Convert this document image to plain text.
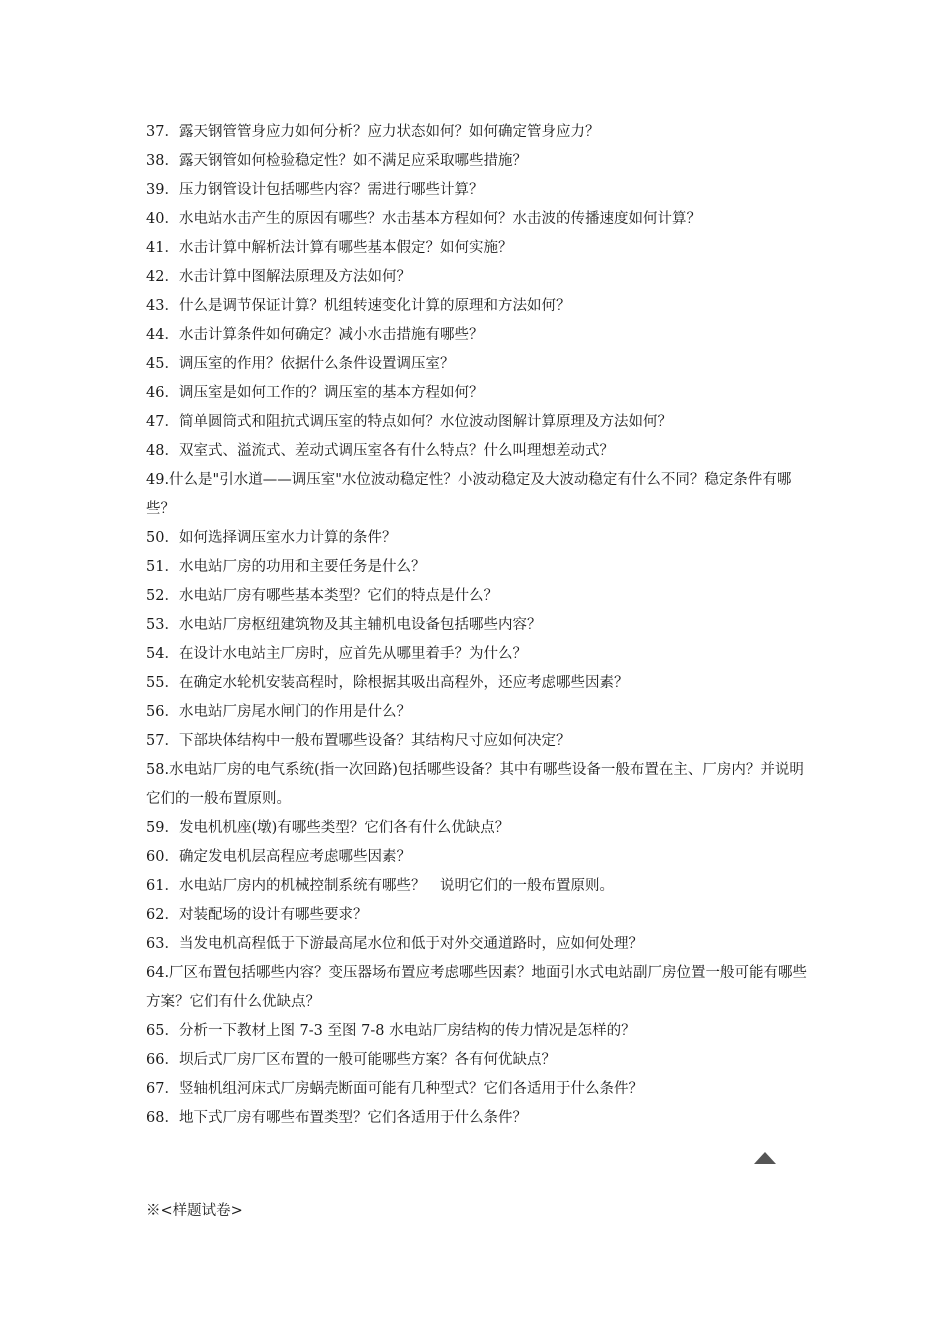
37．露天钢管管身应力如何分析？应力状态如何？如何确定管身应力？
38．露天钢管如何检验稳定性？如不满足应采取哪些措施？
39．压力钢管设计包括哪些内容？需进行哪些计算？
40．水电站水击产生的原因有哪些？水击基本方程如何？水击波的传播速度如何计算？
41．水击计算中解析法计算有哪些基本假定？如何实施？
42．水击计算中图解法原理及方法如何？
43．什么是调节保证计算？机组转速变化计算的原理和方法如何？
44．水击计算条件如何确定？减小水击措施有哪些？
45．调压室的作用？依据什么条件设置调压室？
46．调压室是如何工作的？调压室的基本方程如何？
47．简单圆筒式和阻抗式调压室的特点如何？水位波动图解计算原理及方法如何？
48．双室式、溢流式、差动式调压室各有什么特点？什么叫理想差动式？
49.什么是"引水道——调压室"水位波动稳定性？小波动稳定及大波动稳定有什么不同？稳定条件有哪些？
50．如何选择调压室水力计算的条件？
51．水电站厂房的功用和主要任务是什么？
52．水电站厂房有哪些基本类型？它们的特点是什么？
53．水电站厂房枢纽建筑物及其主辅机电设备包括哪些内容？
54．在设计水电站主厂房时，应首先从哪里着手？为什么？
55．在确定水轮机安装高程时，除根据其吸出高程外，还应考虑哪些因素？
56．水电站厂房尾水闸门的作用是什么？
57．下部块体结构中一般布置哪些设备？其结构尺寸应如何决定？
58.水电站厂房的电气系统(指一次回路)包括哪些设备？其中有哪些设备一般布置在主、厂房内？并说明它们的一般布置原则。
59．发电机机座(墩)有哪些类型？它们各有什么优缺点？
60．确定发电机层高程应考虑哪些因素？
61．水电站厂房内的机械控制系统有哪些？　说明它们的一般布置原则。
62．对装配场的设计有哪些要求？
63．当发电机高程低于下游最高尾水位和低于对外交通道路时，应如何处理？
64.厂区布置包括哪些内容？变压器场布置应考虑哪些因素？地面引水式电站副厂房位置一般可能有哪些方案？它们有什么优缺点？
65．分析一下教材上图 7-3 至图 7-8 水电站厂房结构的传力情况是怎样的？
66．坝后式厂房厂区布置的一般可能哪些方案？各有何优缺点？
67．竖轴机组河床式厂房蜗壳断面可能有几种型式？它们各适用于什么条件？
68．地下式厂房有哪些布置类型？它们各适用于什么条件？
※<样题试卷>
